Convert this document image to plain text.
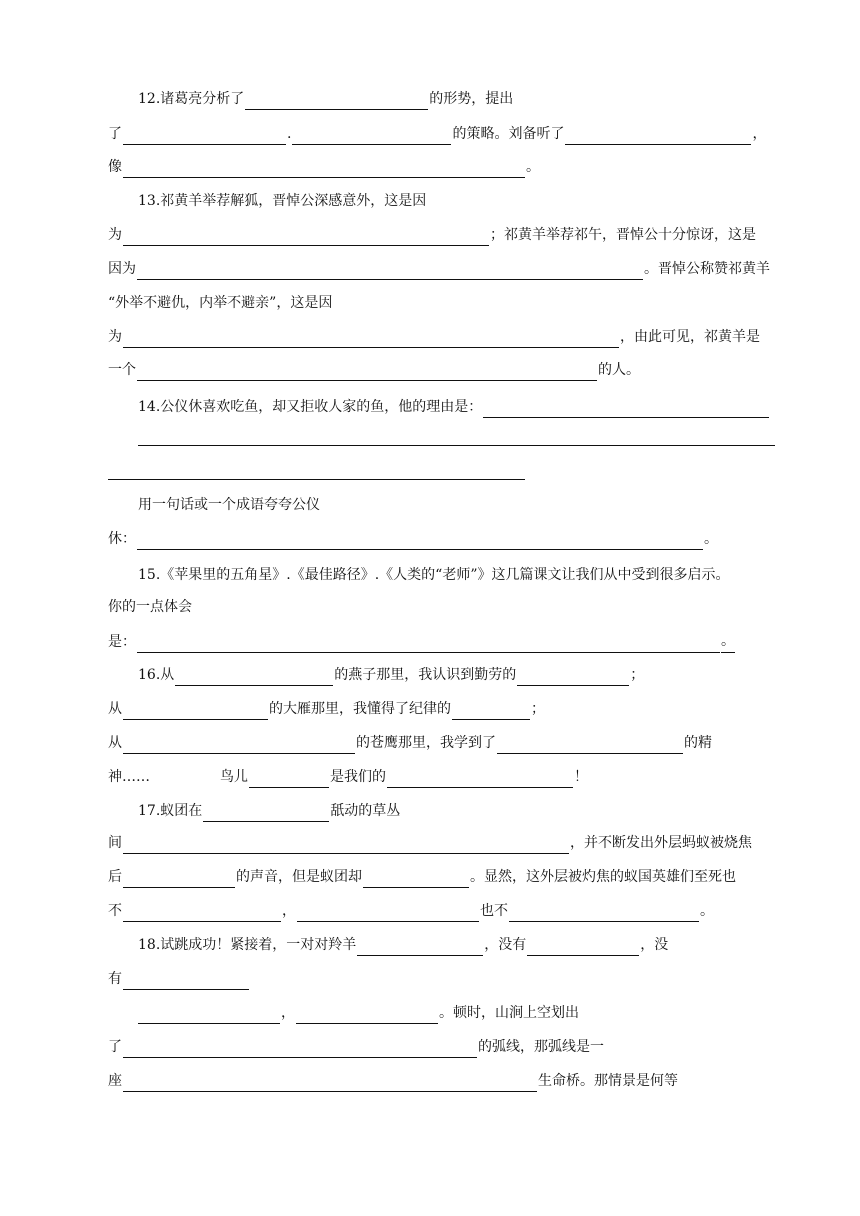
12.诸葛亮分析了	的形势，提出
了	.	的策略。刘备听了	，
像	。
13.祁黄羊举荐解狐，晋悼公深感意外，这是因
为	；祁黄羊举荐祁午，晋悼公十分惊讶，这是
因为	。晋悼公称赞祁黄羊
“外举不避仇，内举不避亲”，这是因
为	，由此可见，祁黄羊是
一个	的人。
14.公仪休喜欢吃鱼，却又拒收人家的鱼，他的理由是：
用一句话或一个成语夸夸公仪
休：	。
15.《苹果里的五角星》.《最佳路径》.《人类的“老师”》这几篇课文让我们从中受到很多启示。
你的一点体会
是：	。
16.从	的燕子那里，我认识到勤劳的	；
从	的大雁那里，我懂得了纪律的	；
从	的苍鹰那里，我学到了	的精
神……	鸟儿	是我们的	！
17.蚁团在	舐动的草丛
间	，并不断发出外层蚂蚁被烧焦
后	的声音，但是蚁团却	。显然，这外层被灼焦的蚁国英雄们至死也
不	，	也不	。
18.试跳成功！紧接着，一对对羚羊	，没有	，没
有
，	。顿时，山涧上空划出
了	的弧线，那弧线是一
座	生命桥。那情景是何等
